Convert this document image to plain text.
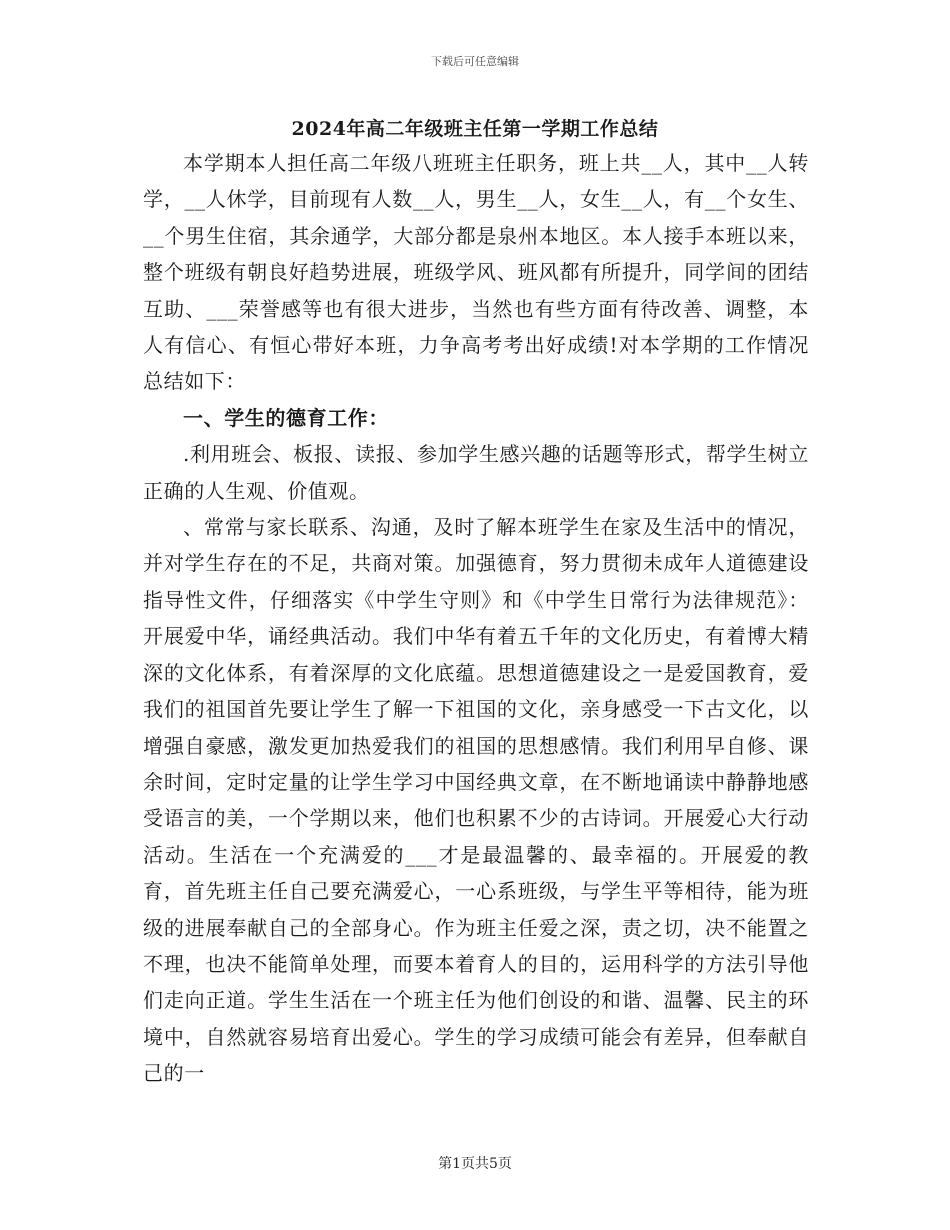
下载后可任意编辑
2024年高二年级班主任第一学期工作总结

本学期本人担任高二年级八班班主任职务，班上共__人，其中__人转学，__人休学，目前现有人数__人，男生__人，女生__人，有__个女生、__个男生住宿，其余通学，大部分都是泉州本地区。本人接手本班以来，整个班级有朝良好趋势进展，班级学风、班风都有所提升，同学间的团结互助、___荣誉感等也有很大进步，当然也有些方面有待改善、调整，本人有信心、有恒心带好本班，力争高考考出好成绩!对本学期的工作情况总结如下：

一、学生的德育工作：

.利用班会、板报、读报、参加学生感兴趣的话题等形式，帮学生树立正确的人生观、价值观。

、常常与家长联系、沟通，及时了解本班学生在家及生活中的情况，并对学生存在的不足，共商对策。加强德育，努力贯彻未成年人道德建设指导性文件，仔细落实《中学生守则》和《中学生日常行为法律规范》：开展爱中华，诵经典活动。我们中华有着五千年的文化历史，有着博大精深的文化体系，有着深厚的文化底蕴。思想道德建设之一是爱国教育，爱我们的祖国首先要让学生了解一下祖国的文化，亲身感受一下古文化，以增强自豪感，激发更加热爱我们的祖国的思想感情。我们利用早自修、课余时间，定时定量的让学生学习中国经典文章，在不断地诵读中静静地感受语言的美，一个学期以来，他们也积累不少的古诗词。开展爱心大行动活动。生活在一个充满爱的___才是最温馨的、最幸福的。开展爱的教育，首先班主任自己要充满爱心，一心系班级，与学生平等相待，能为班级的进展奉献自己的全部身心。作为班主任爱之深，责之切，决不能置之不理，也决不能简单处理，而要本着育人的目的，运用科学的方法引导他们走向正道。学生生活在一个班主任为他们创设的和谐、温馨、民主的环境中，自然就容易培育出爱心。学生的学习成绩可能会有差异，但奉献自己的一

第1页共5页
